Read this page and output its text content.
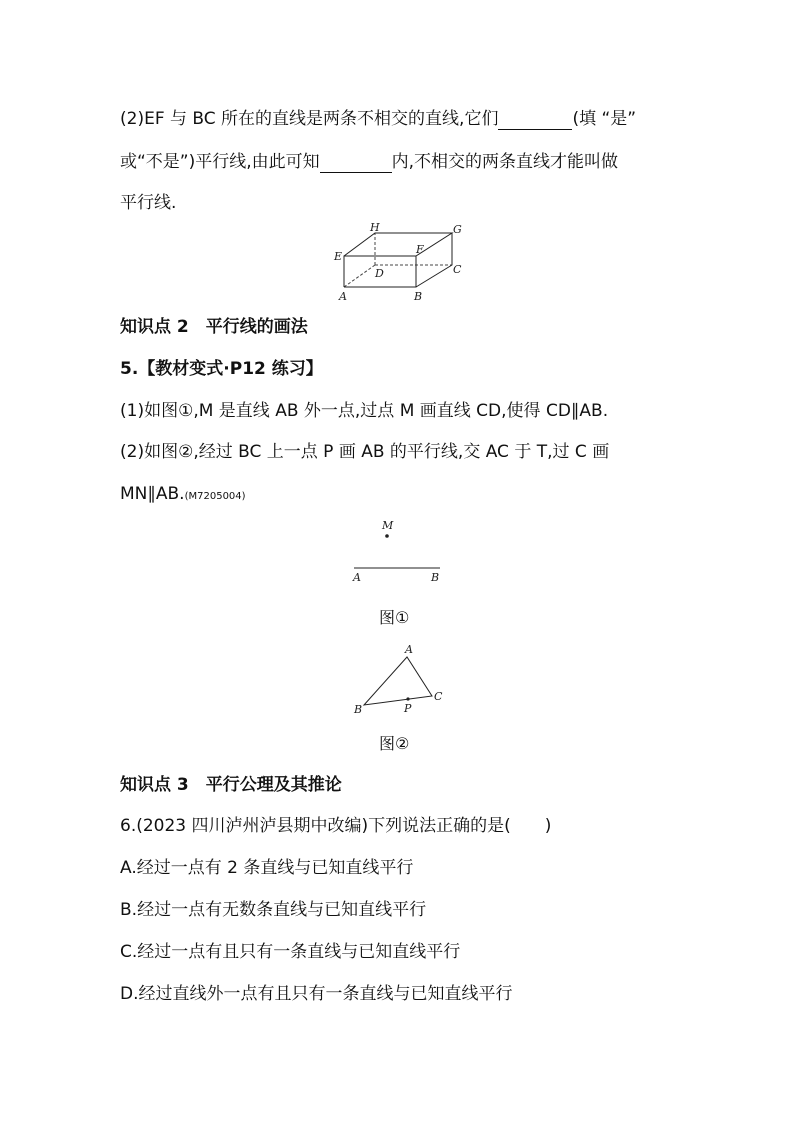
(2)EF 与 BC 所在的直线是两条不相交的直线,它们	(填 “是”
或“不是”)平行线,由此可知	内,不相交的两条直线才能叫做
平行线.
H	G
E
F
D	C
A	B
知识点 2　平行线的画法
5.【教材变式·P12 练习】
(1)如图①,M 是直线 AB 外一点,过点 M 画直线 CD,使得 CD∥AB.
(2)如图②,经过 BC 上一点 P 画 AB 的平行线,交 AC 于 T,过 C 画
MN∥AB.(M7205004)
M
A	B
图①
A
B
C
P
图②
知识点 3　平行公理及其推论
6.(2023 四川泸州泸县期中改编)下列说法正确的是(　　)
A.经过一点有 2 条直线与已知直线平行
B.经过一点有无数条直线与已知直线平行
C.经过一点有且只有一条直线与已知直线平行
D.经过直线外一点有且只有一条直线与已知直线平行
